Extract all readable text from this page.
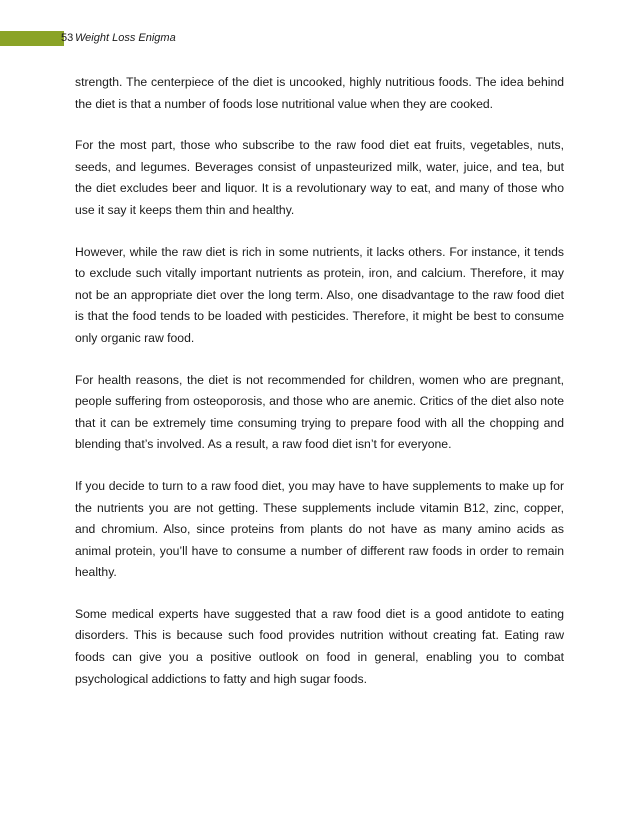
53 Weight Loss Enigma

strength. The centerpiece of the diet is uncooked, highly nutritious foods. The idea behind the diet is that a number of foods lose nutritional value when they are cooked.

For the most part, those who subscribe to the raw food diet eat fruits, vegetables, nuts, seeds, and legumes. Beverages consist of unpasteurized milk, water, juice, and tea, but the diet excludes beer and liquor. It is a revolutionary way to eat, and many of those who use it say it keeps them thin and healthy.

However, while the raw diet is rich in some nutrients, it lacks others. For instance, it tends to exclude such vitally important nutrients as protein, iron, and calcium. Therefore, it may not be an appropriate diet over the long term. Also, one disadvantage to the raw food diet is that the food tends to be loaded with pesticides. Therefore, it might be best to consume only organic raw food.

For health reasons, the diet is not recommended for children, women who are pregnant, people suffering from osteoporosis, and those who are anemic. Critics of the diet also note that it can be extremely time consuming trying to prepare food with all the chopping and blending that’s involved. As a result, a raw food diet isn’t for everyone.

If you decide to turn to a raw food diet, you may have to have supplements to make up for the nutrients you are not getting. These supplements include vitamin B12, zinc, copper, and chromium. Also, since proteins from plants do not have as many amino acids as animal protein, you’ll have to consume a number of different raw foods in order to remain healthy.

Some medical experts have suggested that a raw food diet is a good antidote to eating disorders. This is because such food provides nutrition without creating fat. Eating raw foods can give you a positive outlook on food in general, enabling you to combat psychological addictions to fatty and high sugar foods.
